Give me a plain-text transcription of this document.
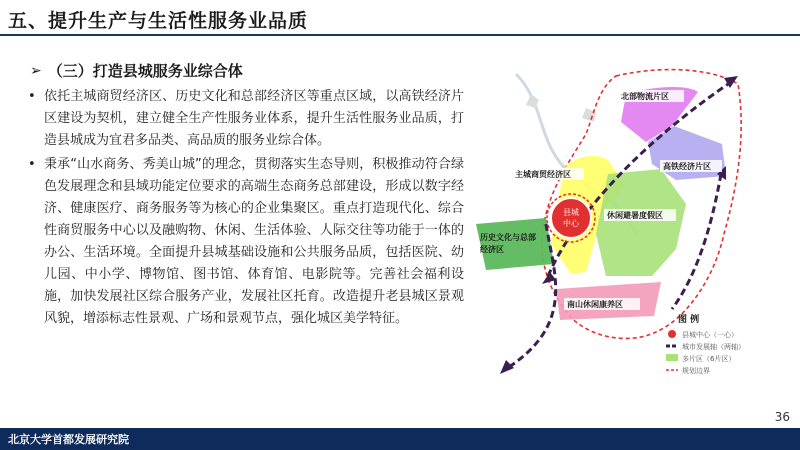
五、提升生产与生活性服务业品质
➢ （三）打造县城服务业综合体

• 依托主城商贸经济区、历史文化和总部经济区等重点区域，以高铁经济片区建设为契机，建立健全生产性服务业体系，提升生活性服务业品质，打造县城成为宜君多品类、高品质的服务业综合体。

• 秉承“山水商务、秀美山城”的理念，贯彻落实生态导则，积极推动符合绿色发展理念和县域功能定位要求的高端生态商务总部建设，形成以数字经济、健康医疗、商务服务等为核心的企业集聚区。重点打造现代化、综合性商贸服务中心以及融购物、休闲、生活体验、人际交往等功能于一体的办公、生活环境。全面提升县城基础设施和公共服务品质，包括医院、幼儿园、中小学、博物馆、图书馆、体育馆、电影院等。完善社会福利设施，加快发展社区综合服务产业，发展社区托育。改造提升老县城区景观风貌，增添标志性景观、广场和景观节点，强化城区美学特征。

县城
中心
北部物流片区
高铁经济片区
主城商贸经济区
休闲避暑度假区
历史文化与总部
经济区
南山休闲康养区
图 例
县城中心（一心）
城市发展轴（两轴）
多片区（6片区）
规划边界
北京大学首都发展研究院
36
